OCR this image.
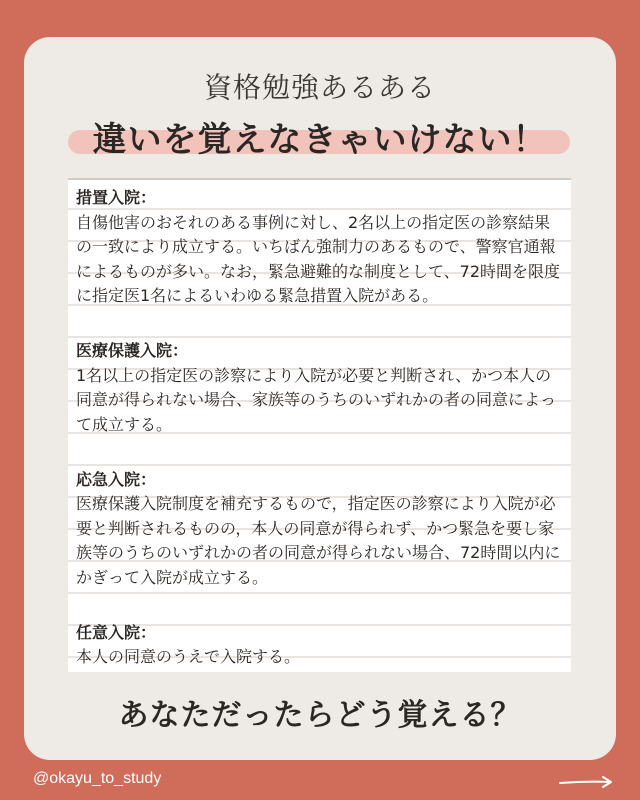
資格勉強あるある
違いを覚えなきゃいけない！
措置入院：
自傷他害のおそれのある事例に対し、2名以上の指定医の診察結果の一致により成立する。いちばん強制力のあるもので、警察官通報によるものが多い。なお，緊急避難的な制度として、72時間を限度に指定医1名によるいわゆる緊急措置入院がある。
医療保護入院：
1名以上の指定医の診察により入院が必要と判断され、かつ本人の同意が得られない場合、家族等のうちのいずれかの者の同意によって成立する。
応急入院：
医療保護入院制度を補充するもので，指定医の診察により入院が必要と判断されるものの，本人の同意が得られず、かつ緊急を要し家族等のうちのいずれかの者の同意が得られない場合、72時間以内にかぎって入院が成立する。
任意入院：
本人の同意のうえで入院する。
あなただったらどう覚える？
@okayu_to_study
